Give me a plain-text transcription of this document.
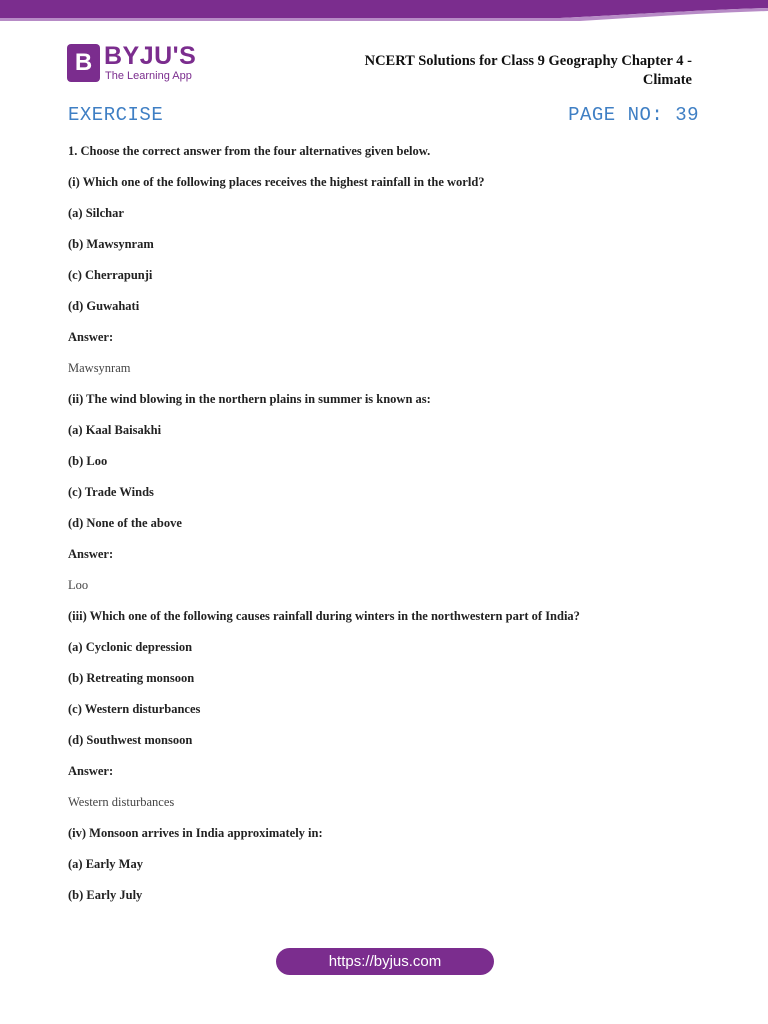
B BYJU'S
The Learning App
NCERT Solutions for Class 9 Geography Chapter 4 -
Climate
EXERCISE	PAGE NO: 39
1. Choose the correct answer from the four alternatives given below.
(i) Which one of the following places receives the highest rainfall in the world?
(a) Silchar
(b) Mawsynram
(c) Cherrapunji
(d) Guwahati
Answer:
Mawsynram
(ii) The wind blowing in the northern plains in summer is known as:
(a) Kaal Baisakhi
(b) Loo
(c) Trade Winds
(d) None of the above
Answer:
Loo
(iii) Which one of the following causes rainfall during winters in the northwestern part of India?
(a) Cyclonic depression
(b) Retreating monsoon
(c) Western disturbances
(d) Southwest monsoon
Answer:
Western disturbances
(iv) Monsoon arrives in India approximately in:
(a) Early May
(b) Early July
https://byjus.com
